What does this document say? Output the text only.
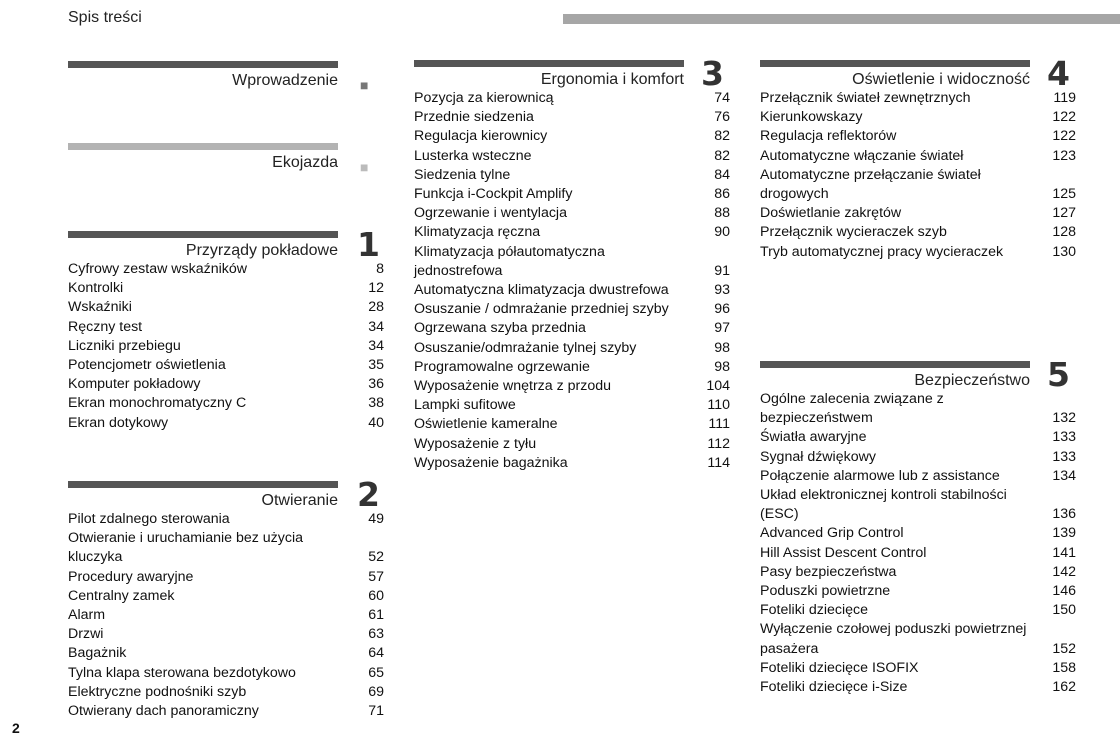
Spis treści
Wprowadzenie ■
Ekojazda ■
Przyrządy pokładowe 1
Cyfrowy zestaw wskaźników	8
Kontrolki	12
Wskaźniki	28
Ręczny test	34
Liczniki przebiegu	34
Potencjometr oświetlenia	35
Komputer pokładowy	36
Ekran monochromatyczny C	38
Ekran dotykowy	40
Otwieranie 2
Pilot zdalnego sterowania	49
Otwieranie i uruchamianie bez użycia kluczyka	52
Procedury awaryjne	57
Centralny zamek	60
Alarm	61
Drzwi	63
Bagażnik	64
Tylna klapa sterowana bezdotykowo	65
Elektryczne podnośniki szyb	69
Otwierany dach panoramiczny	71
Ergonomia i komfort 3
Pozycja za kierownicą	74
Przednie siedzenia	76
Regulacja kierownicy	82
Lusterka wsteczne	82
Siedzenia tylne	84
Funkcja i-Cockpit Amplify	86
Ogrzewanie i wentylacja	88
Klimatyzacja ręczna	90
Klimatyzacja półautomatyczna jednostrefowa	91
Automatyczna klimatyzacja dwustrefowa	93
Osuszanie / odmrażanie przedniej szyby	96
Ogrzewana szyba przednia	97
Osuszanie/odmrażanie tylnej szyby	98
Programowalne ogrzewanie	98
Wyposażenie wnętrza z przodu	104
Lampki sufitowe	110
Oświetlenie kameralne	111
Wyposażenie z tyłu	112
Wyposażenie bagażnika	114
Oświetlenie i widoczność 4
Przełącznik świateł zewnętrznych	119
Kierunkowskazy	122
Regulacja reflektorów	122
Automatyczne włączanie świateł	123
Automatyczne przełączanie świateł drogowych	125
Doświetlanie zakrętów	127
Przełącznik wycieraczek szyb	128
Tryb automatycznej pracy wycieraczek	130
Bezpieczeństwo 5
Ogólne zalecenia związane z bezpieczeństwem	132
Światła awaryjne	133
Sygnał dźwiękowy	133
Połączenie alarmowe lub z assistance	134
Układ elektronicznej kontroli stabilności (ESC)	136
Advanced Grip Control	139
Hill Assist Descent Control	141
Pasy bezpieczeństwa	142
Poduszki powietrzne	146
Foteliki dziecięce	150
Wyłączenie czołowej poduszki powietrznej pasażera	152
Foteliki dziecięce ISOFIX	158
Foteliki dziecięce i-Size	162
2
